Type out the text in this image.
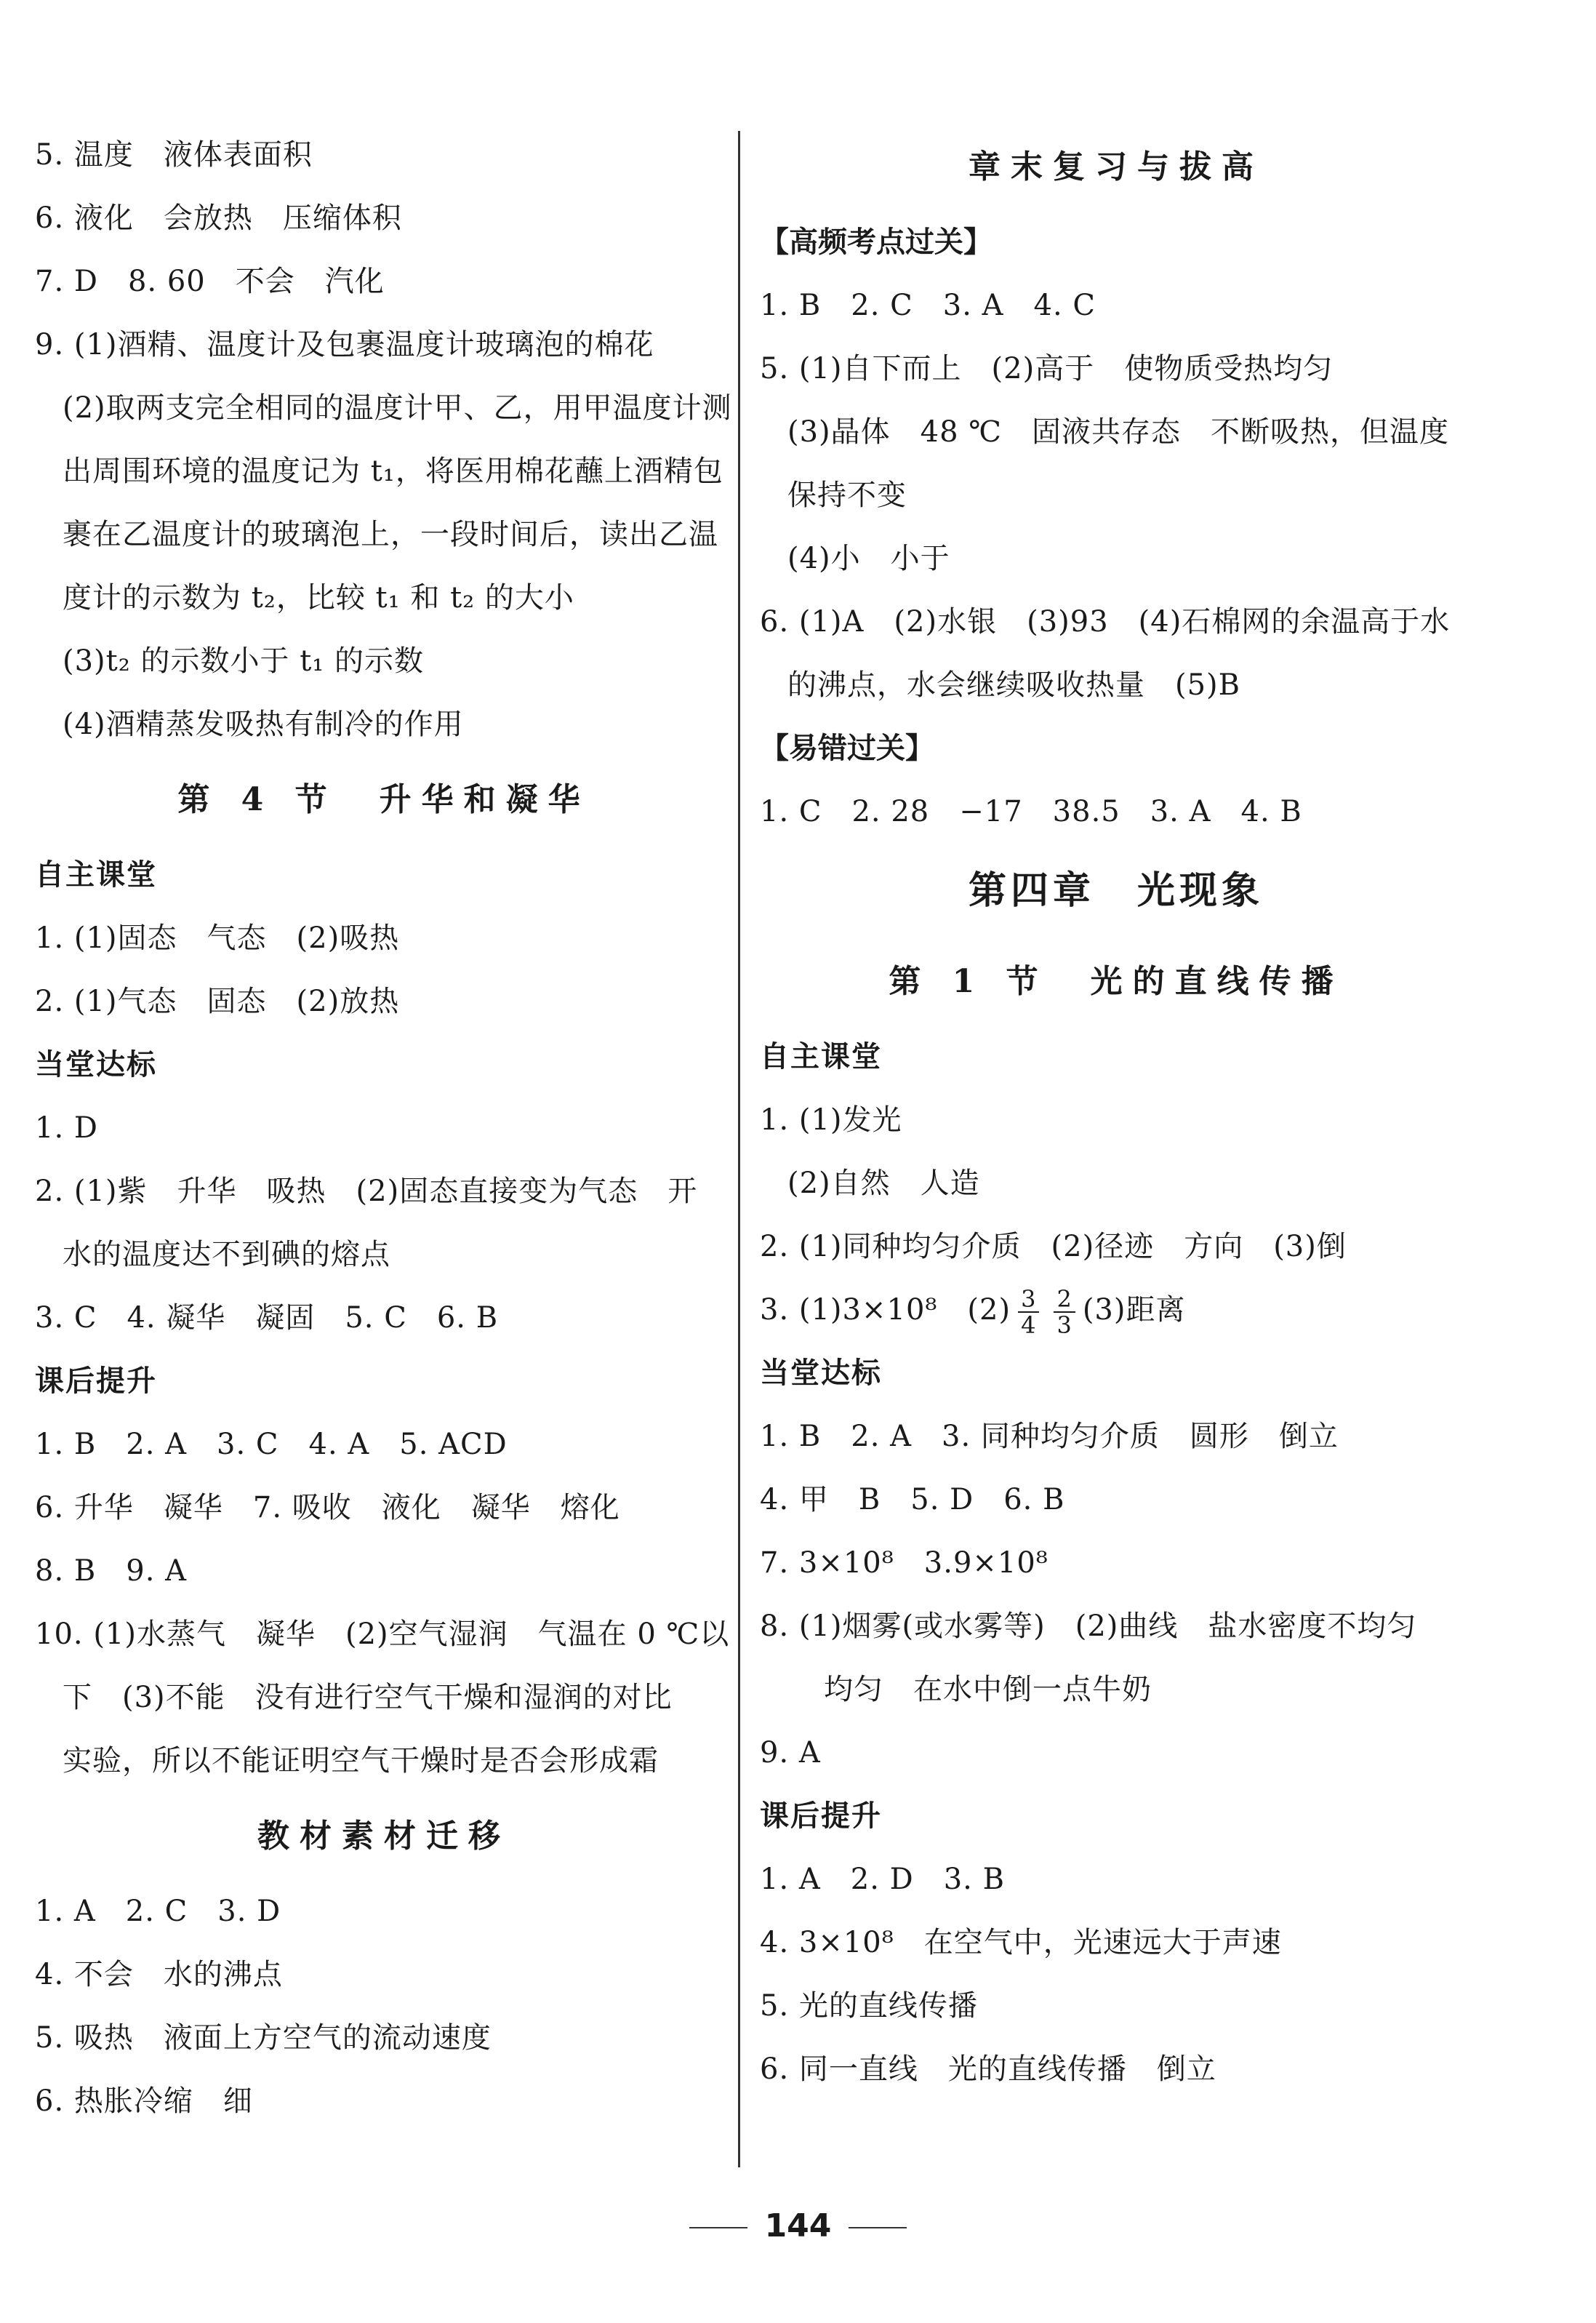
5. 温度　液体表面积
6. 液化　会放热　压缩体积
7. D　8. 60　不会　汽化
9. (1)酒精、温度计及包裹温度计玻璃泡的棉花
(2)取两支完全相同的温度计甲、乙，用甲温度计测
出周围环境的温度记为 t₁，将医用棉花蘸上酒精包
裹在乙温度计的玻璃泡上，一段时间后，读出乙温
度计的示数为 t₂，比较 t₁ 和 t₂ 的大小
(3)t₂ 的示数小于 t₁ 的示数
(4)酒精蒸发吸热有制冷的作用
第 4 节　升华和凝华
自主课堂
1. (1)固态　气态　(2)吸热
2. (1)气态　固态　(2)放热
当堂达标
1. D
2. (1)紫　升华　吸热　(2)固态直接变为气态　开
水的温度达不到碘的熔点
3. C　4. 凝华　凝固　5. C　6. B
课后提升
1. B　2. A　3. C　4. A　5. ACD
6. 升华　凝华　7. 吸收　液化　凝华　熔化
8. B　9. A
10. (1)水蒸气　凝华　(2)空气湿润　气温在 0 ℃以
下　(3)不能　没有进行空气干燥和湿润的对比
实验，所以不能证明空气干燥时是否会形成霜
教材素材迁移
1. A　2. C　3. D
4. 不会　水的沸点
5. 吸热　液面上方空气的流动速度
6. 热胀冷缩　细
章末复习与拔高
【高频考点过关】
1. B　2. C　3. A　4. C
5. (1)自下而上　(2)高于　使物质受热均匀
(3)晶体　48 ℃　固液共存态　不断吸热，但温度
保持不变
(4)小　小于
6. (1)A　(2)水银　(3)93　(4)石棉网的余温高于水
的沸点，水会继续吸收热量　(5)B
【易错过关】
1. C　2. 28　−17　38.5　3. A　4. B
第四章　光现象
第 1 节　光的直线传播
自主课堂
1. (1)发光
(2)自然　人造
2. (1)同种均匀介质　(2)径迹　方向　(3)倒
3. (1)3×10⁸　$(2) \frac{3}{4} \frac{2}{3} (3)$距离
当堂达标
1. B　2. A　3. 同种均匀介质　圆形　倒立
4. 甲　B　5. D　6. B
7. 3×10⁸　3.9×10⁸
8. (1)烟雾(或水雾等)　(2)曲线　盐水密度不均匀
均匀　在水中倒一点牛奶
9. A
课后提升
1. A　2. D　3. B
4. 3×10⁸　在空气中，光速远大于声速
5. 光的直线传播
6. 同一直线　光的直线传播　倒立
144
